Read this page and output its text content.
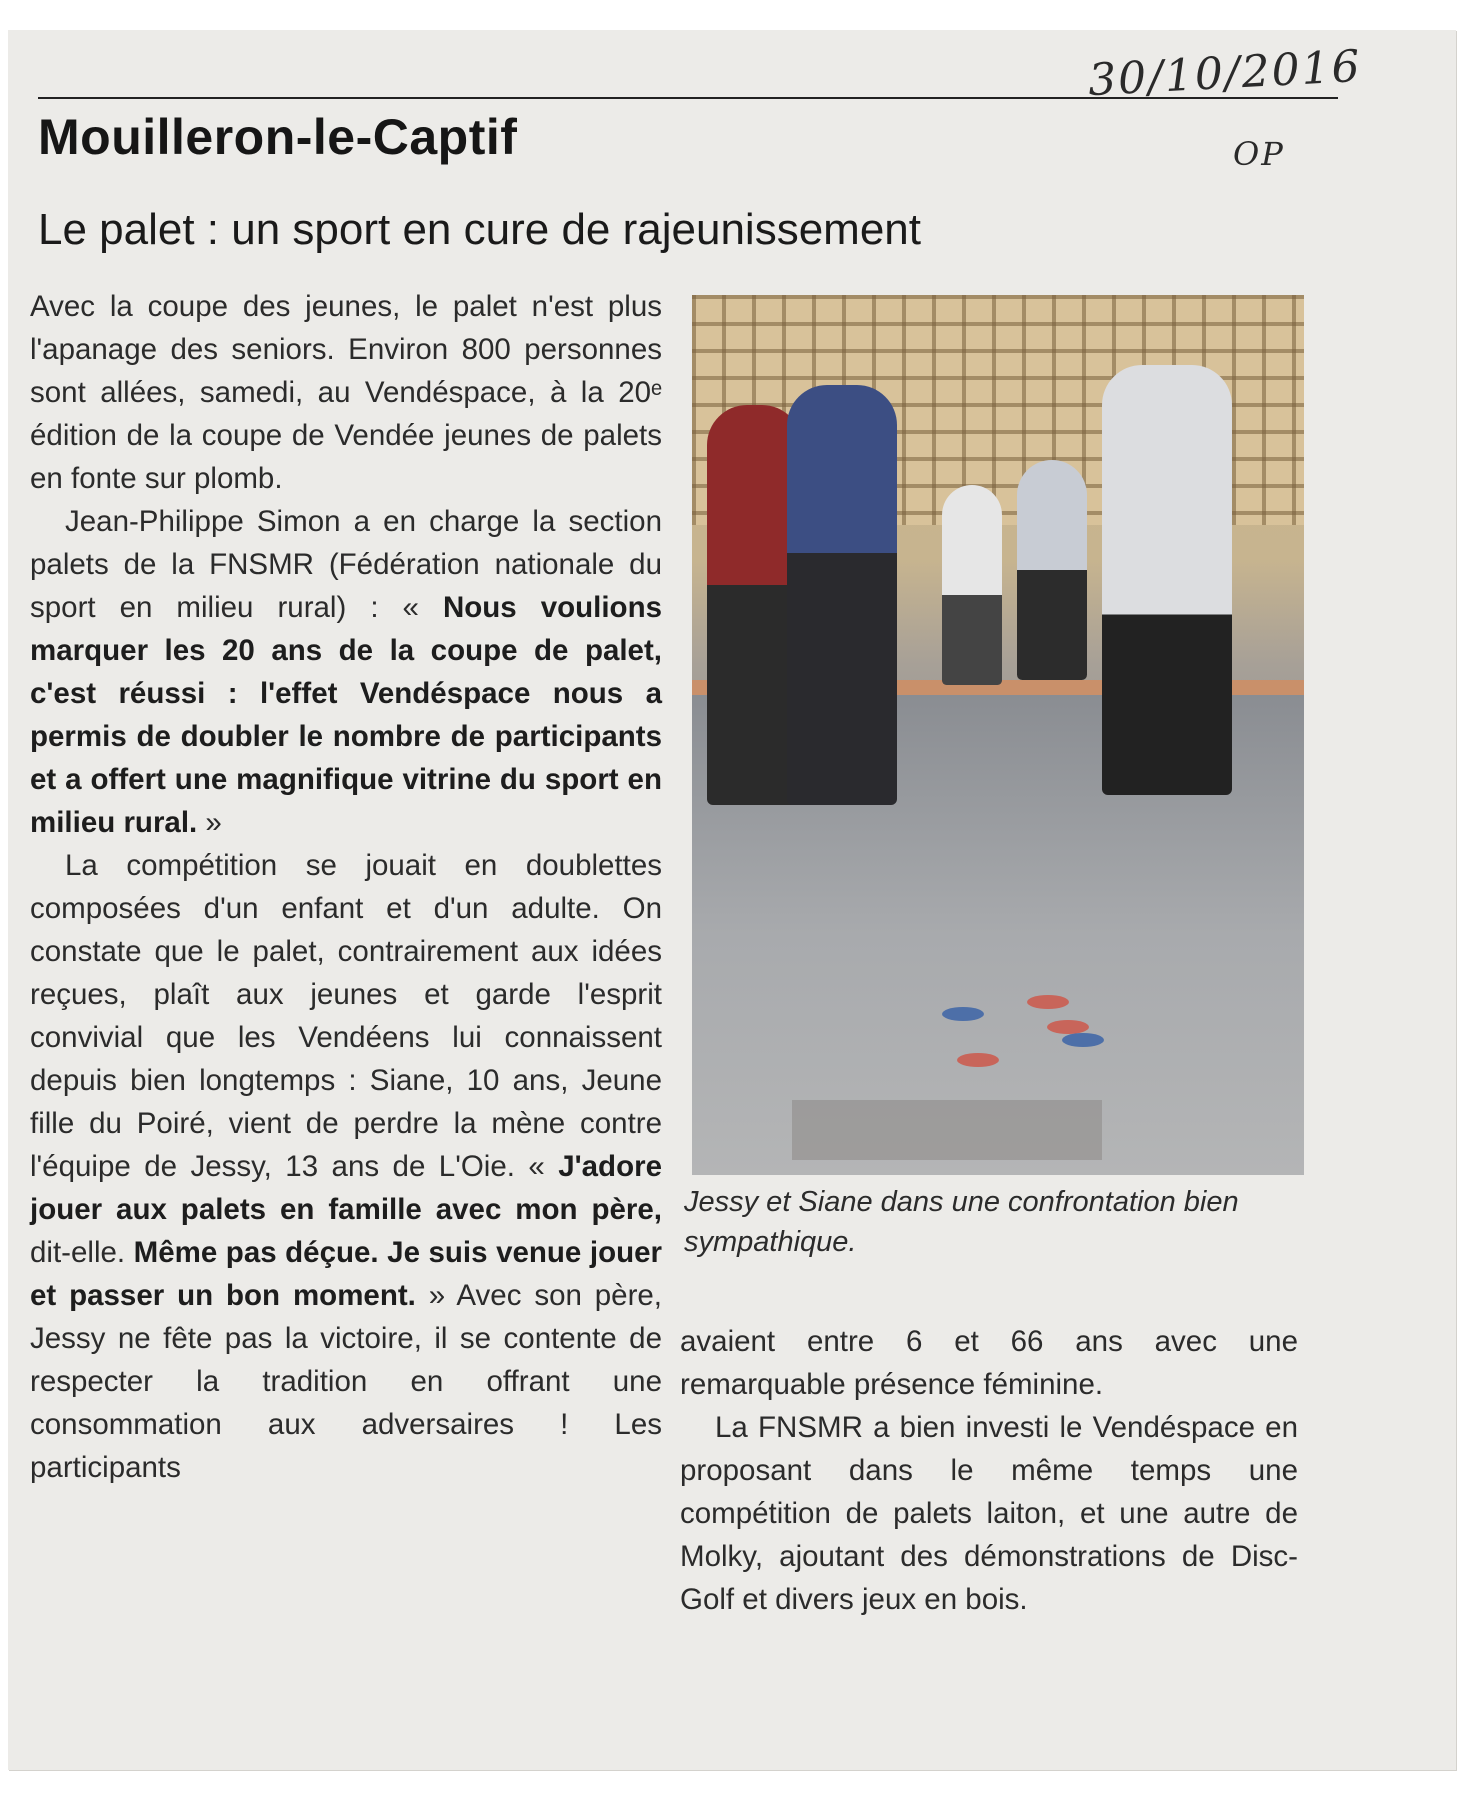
30/10/2016
OP
Mouilleron-le-Captif
Le palet : un sport en cure de rajeunissement

Avec la coupe des jeunes, le palet n'est plus l'apanage des seniors. Environ 800 personnes sont allées, samedi, au Vendéspace, à la 20ᵉ édition de la coupe de Vendée jeunes de palets en fonte sur plomb.

Jean-Philippe Simon a en charge la section palets de la FNSMR (Fédération nationale du sport en milieu rural) : « Nous voulions marquer les 20 ans de la coupe de palet, c'est réussi : l'effet Vendéspace nous a permis de doubler le nombre de participants et a offert une magnifique vitrine du sport en milieu rural. »

La compétition se jouait en doublettes composées d'un enfant et d'un adulte. On constate que le palet, contrairement aux idées reçues, plaît aux jeunes et garde l'esprit convivial que les Vendéens lui connaissent depuis bien longtemps : Siane, 10 ans, Jeune fille du Poiré, vient de perdre la mène contre l'équipe de Jessy, 13 ans de L'Oie. « J'adore jouer aux palets en famille avec mon père, dit-elle. Même pas déçue. Je suis venue jouer et passer un bon moment. » Avec son père, Jessy ne fête pas la victoire, il se contente de respecter la tradition en offrant une consommation aux adversaires ! Les participants

Jessy et Siane dans une confrontation bien sympathique.

avaient entre 6 et 66 ans avec une remarquable présence féminine.

La FNSMR a bien investi le Vendéspace en proposant dans le même temps une compétition de palets laiton, et une autre de Molky, ajoutant des démonstrations de Disc-Golf et divers jeux en bois.
